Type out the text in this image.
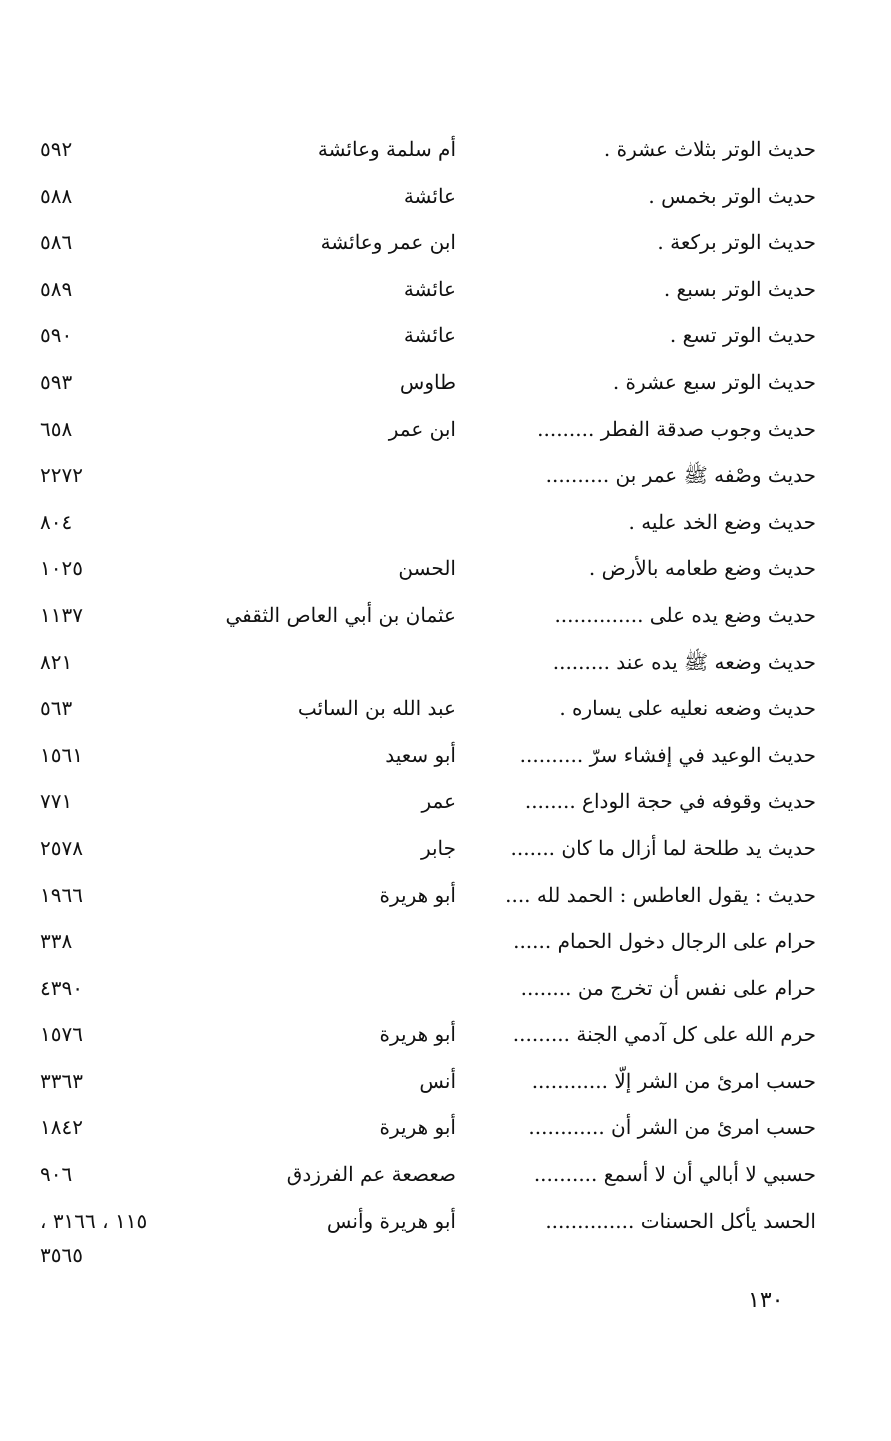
حديث الوتر بثلاث عشرة .
أم سلمة وعائشة
٥٩٢
حديث الوتر بخمس .
عائشة
٥٨٨
حديث الوتر بركعة .
ابن عمر وعائشة
٥٨٦
حديث الوتر بسبع .
عائشة
٥٨٩
حديث الوتر تسع .
عائشة
٥٩٠
حديث الوتر سبع عشرة .
طاوس
٥٩٣
حديث وجوب صدقة الفطر .........
ابن عمر
٦٥٨
حديث وصْفه ﷺ عمر بن ..........
٢٢٧٢
حديث وضع الخد عليه .
٨٠٤
حديث وضع طعامه بالأرض .
الحسن
١٠٢٥
حديث وضع يده على ..............
عثمان بن أبي العاص الثقفي
١١٣٧
حديث وضعه ﷺ يده عند .........
٨٢١
حديث وضعه نعليه على يساره .
عبد الله بن السائب
٥٦٣
حديث الوعيد في إفشاء سرّ ..........
أبو سعيد
١٥٦١
حديث وقوفه في حجة الوداع ........
عمر
٧٧١
حديث يد طلحة لما أزال ما كان .......
جابر
٢٥٧٨
حديث : يقول العاطس : الحمد لله ....
أبو هريرة
١٩٦٦
حرام على الرجال دخول الحمام ......
٣٣٨
حرام على نفس أن تخرج من ........
٤٣٩٠
حرم الله على كل آدمي الجنة .........
أبو هريرة
١٥٧٦
حسب امرئ من الشر إلّا ............
أنس
٣٣٦٣
حسب امرئ من الشر أن ............
أبو هريرة
١٨٤٢
حسبي لا أبالي أن لا أسمع ..........
صعصعة عم الفرزدق
٩٠٦
الحسد يأكل الحسنات ..............
أبو هريرة وأنس
١١٥ ، ٣١٦٦ ، ٣٥٦٥
١٣٠
